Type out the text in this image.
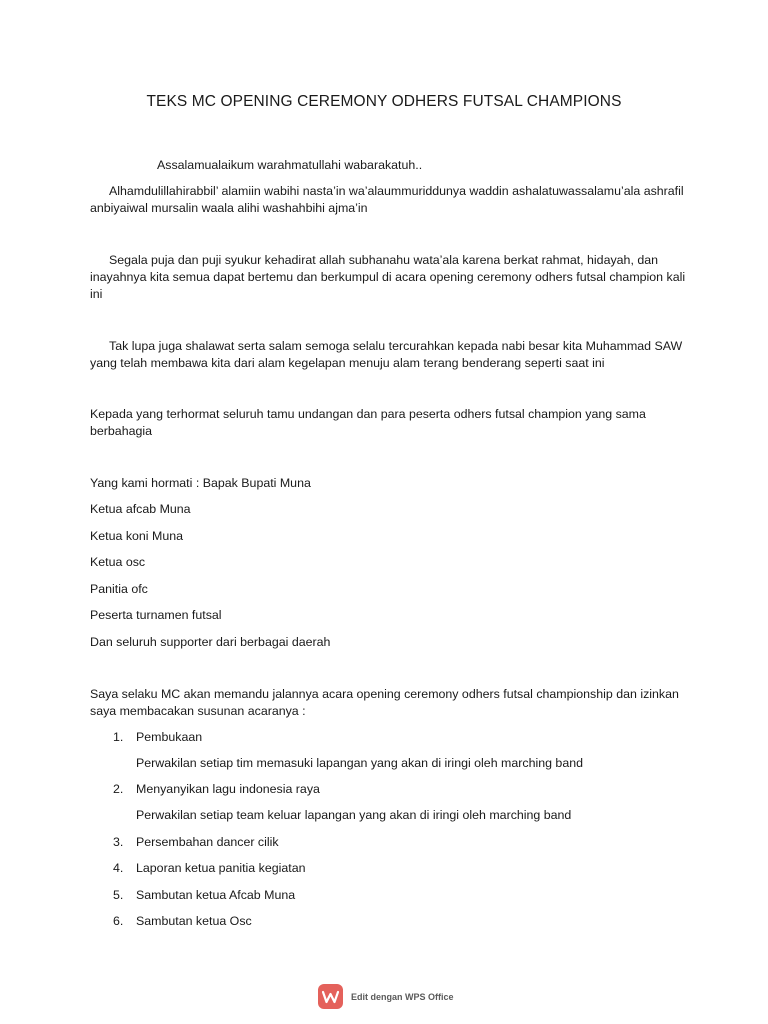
TEKS MC OPENING CEREMONY ODHERS FUTSAL CHAMPIONS
Assalamualaikum warahmatullahi wabarakatuh..
Alhamdulillahirabbil’ alamiin wabihi nasta’in wa’alaummuriddunya waddin ashalatuwassalamu’ala ashrafil anbiyaiwal mursalin waala alihi washahbihi ajma’in
Segala puja dan puji syukur kehadirat allah subhanahu wata’ala karena berkat rahmat, hidayah, dan inayahnya kita semua dapat bertemu dan berkumpul di acara opening ceremony odhers futsal champion kali ini
Tak lupa juga shalawat serta salam semoga selalu tercurahkan kepada nabi besar kita Muhammad SAW yang telah membawa kita dari alam kegelapan menuju alam terang benderang seperti saat ini
Kepada yang terhormat seluruh tamu undangan dan para peserta odhers futsal champion yang sama berbahagia
Yang kami hormati : Bapak Bupati Muna
Ketua afcab Muna
Ketua koni Muna
Ketua osc
Panitia ofc
Peserta turnamen futsal
Dan seluruh supporter dari berbagai daerah
Saya selaku MC akan memandu jalannya acara opening ceremony odhers futsal championship dan izinkan saya membacakan susunan acaranya :
1. Pembukaan
Perwakilan setiap tim memasuki lapangan yang akan di iringi oleh marching band
2. Menyanyikan lagu indonesia raya
Perwakilan setiap team keluar lapangan yang akan di iringi oleh marching band
3. Persembahan dancer cilik
4. Laporan ketua panitia kegiatan
5. Sambutan ketua Afcab Muna
6. Sambutan ketua Osc
Edit dengan WPS Office
